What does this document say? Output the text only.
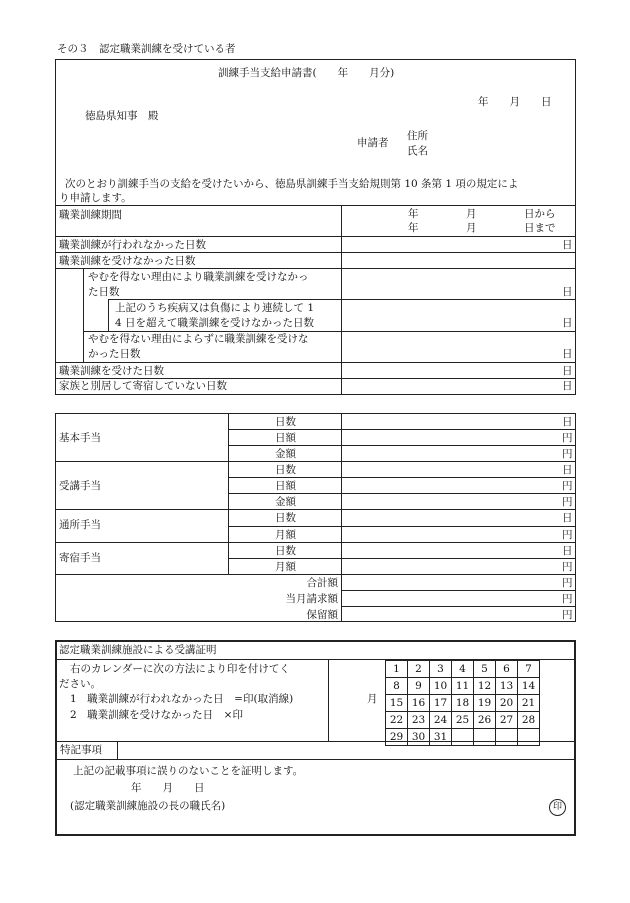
その３　認定職業訓練を受けている者
訓練手当支給申請書(　　年　　月分)
年　　月　　日
徳島県知事　殿
申請者
住所
氏名
次のとおり訓練手当の支給を受けたいから、徳島県訓練手当支給規則第 10 条第 1 項の規定によ
り申請します。
職業訓練期間	年	月	日から
年	月	日まで
職業訓練が行われなかった日数	日
職業訓練を受けなかった日数
やむを得ない理由により職業訓練を受けなかっ
た日数	日
上記のうち疾病又は負傷により連続して 1
4 日を超えて職業訓練を受けなかった日数	日
やむを得ない理由によらずに職業訓練を受けな
かった日数	日
職業訓練を受けた日数	日
家族と別居して寄宿していない日数	日
基本手当
日数	日
日額	円
金額	円
受講手当
日数	日
日額	円
金額	円
通所手当
日数	日
月額	円
寄宿手当
日数	日
月額	円
合計額	円
当月請求額	円
保留額	円
認定職業訓練施設による受講証明
右のカレンダーに次の方法により印を付けてく
ださい。
1　職業訓練が行われなかった日　=印(取消線)
2　職業訓練を受けなかった日　×印
月
1	2	3	4	5	6	7
8	9	10	11	12	13	14
15	16	17	18	19	20	21
22	23	24	25	26	27	28
29	30	31				
特記事項
上記の記載事項に誤りのないことを証明します。
年　　月　　日
(認定職業訓練施設の長の職氏名)	印
